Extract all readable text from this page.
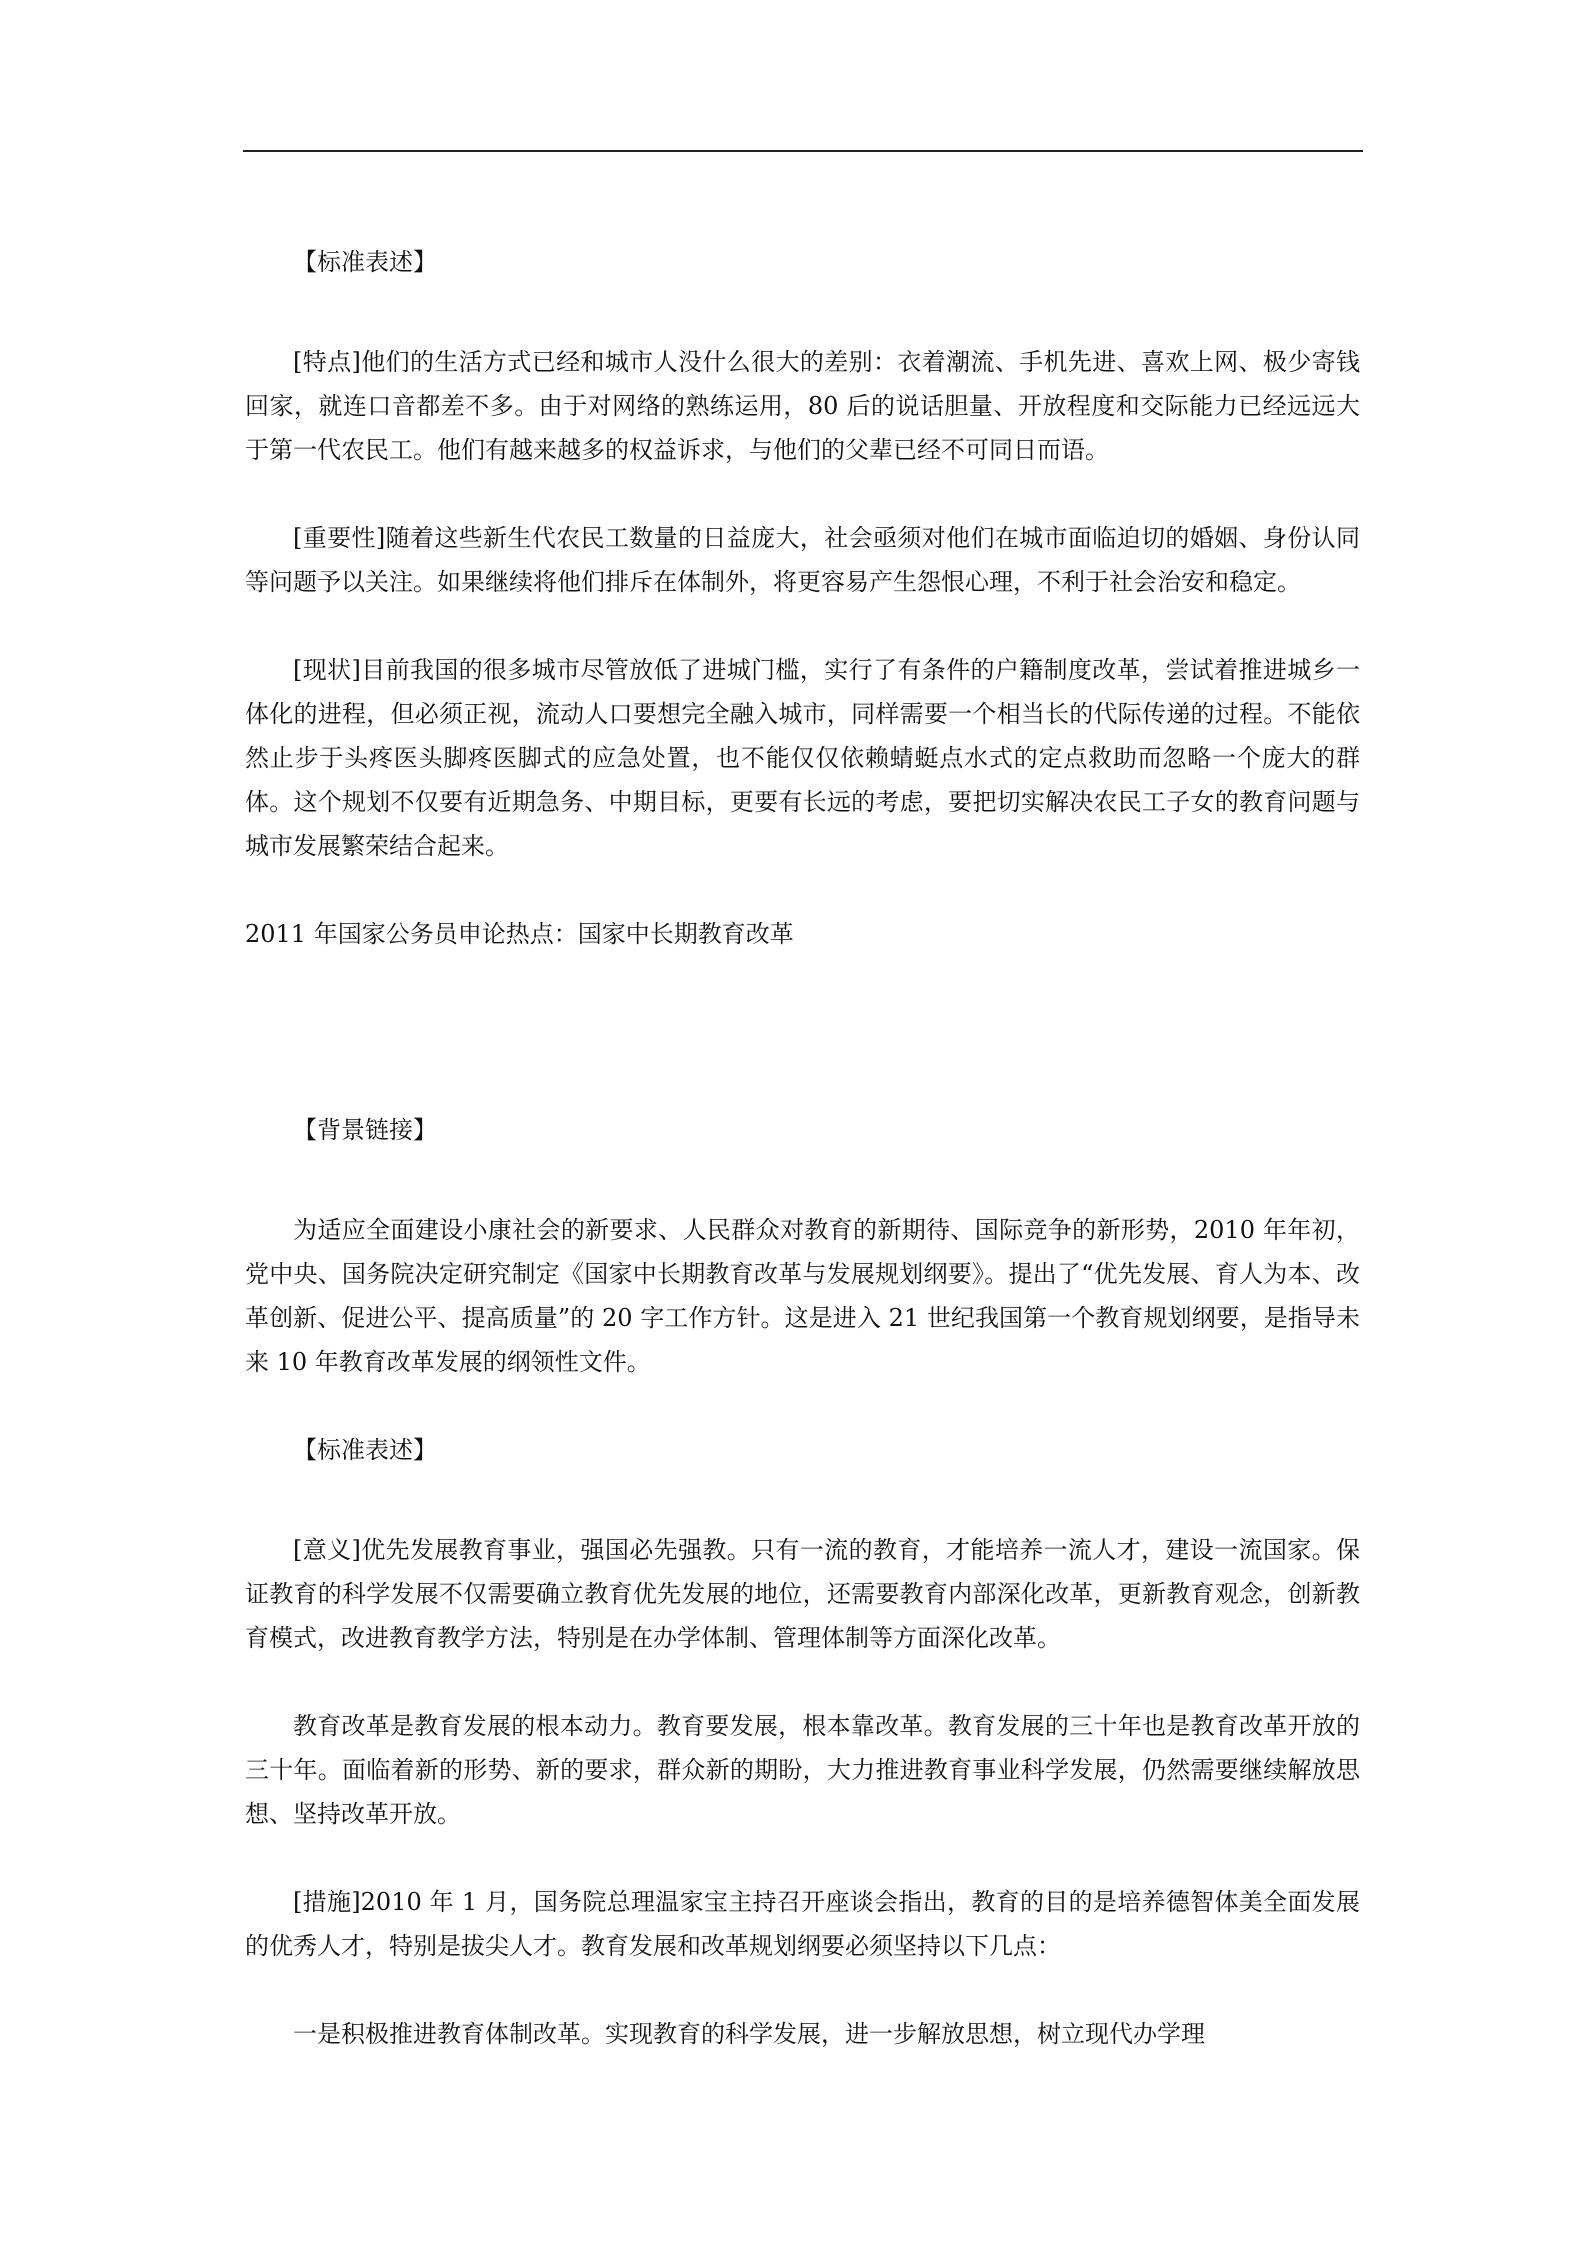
【标准表述】

[特点]他们的生活方式已经和城市人没什么很大的差别：衣着潮流、手机先进、喜欢上网、极少寄钱回家，就连口音都差不多。由于对网络的熟练运用，80 后的说话胆量、开放程度和交际能力已经远远大于第一代农民工。他们有越来越多的权益诉求，与他们的父辈已经不可同日而语。

[重要性]随着这些新生代农民工数量的日益庞大，社会亟须对他们在城市面临迫切的婚姻、身份认同等问题予以关注。如果继续将他们排斥在体制外，将更容易产生怨恨心理，不利于社会治安和稳定。

[现状]目前我国的很多城市尽管放低了进城门槛，实行了有条件的户籍制度改革，尝试着推进城乡一体化的进程，但必须正视，流动人口要想完全融入城市，同样需要一个相当长的代际传递的过程。不能依然止步于头疼医头脚疼医脚式的应急处置，也不能仅仅依赖蜻蜓点水式的定点救助而忽略一个庞大的群体。这个规划不仅要有近期急务、中期目标，更要有长远的考虑，要把切实解决农民工子女的教育问题与城市发展繁荣结合起来。

2011 年国家公务员申论热点：国家中长期教育改革

【背景链接】

为适应全面建设小康社会的新要求、人民群众对教育的新期待、国际竞争的新形势，2010 年年初，党中央、国务院决定研究制定《国家中长期教育改革与发展规划纲要》。提出了“优先发展、育人为本、改革创新、促进公平、提高质量”的 20 字工作方针。这是进入 21 世纪我国第一个教育规划纲要，是指导未来 10 年教育改革发展的纲领性文件。

【标准表述】

[意义]优先发展教育事业，强国必先强教。只有一流的教育，才能培养一流人才，建设一流国家。保证教育的科学发展不仅需要确立教育优先发展的地位，还需要教育内部深化改革，更新教育观念，创新教育模式，改进教育教学方法，特别是在办学体制、管理体制等方面深化改革。

教育改革是教育发展的根本动力。教育要发展，根本靠改革。教育发展的三十年也是教育改革开放的三十年。面临着新的形势、新的要求，群众新的期盼，大力推进教育事业科学发展，仍然需要继续解放思想、坚持改革开放。

[措施]2010 年 1 月，国务院总理温家宝主持召开座谈会指出，教育的目的是培养德智体美全面发展的优秀人才，特别是拔尖人才。教育发展和改革规划纲要必须坚持以下几点：

一是积极推进教育体制改革。实现教育的科学发展，进一步解放思想，树立现代办学理
